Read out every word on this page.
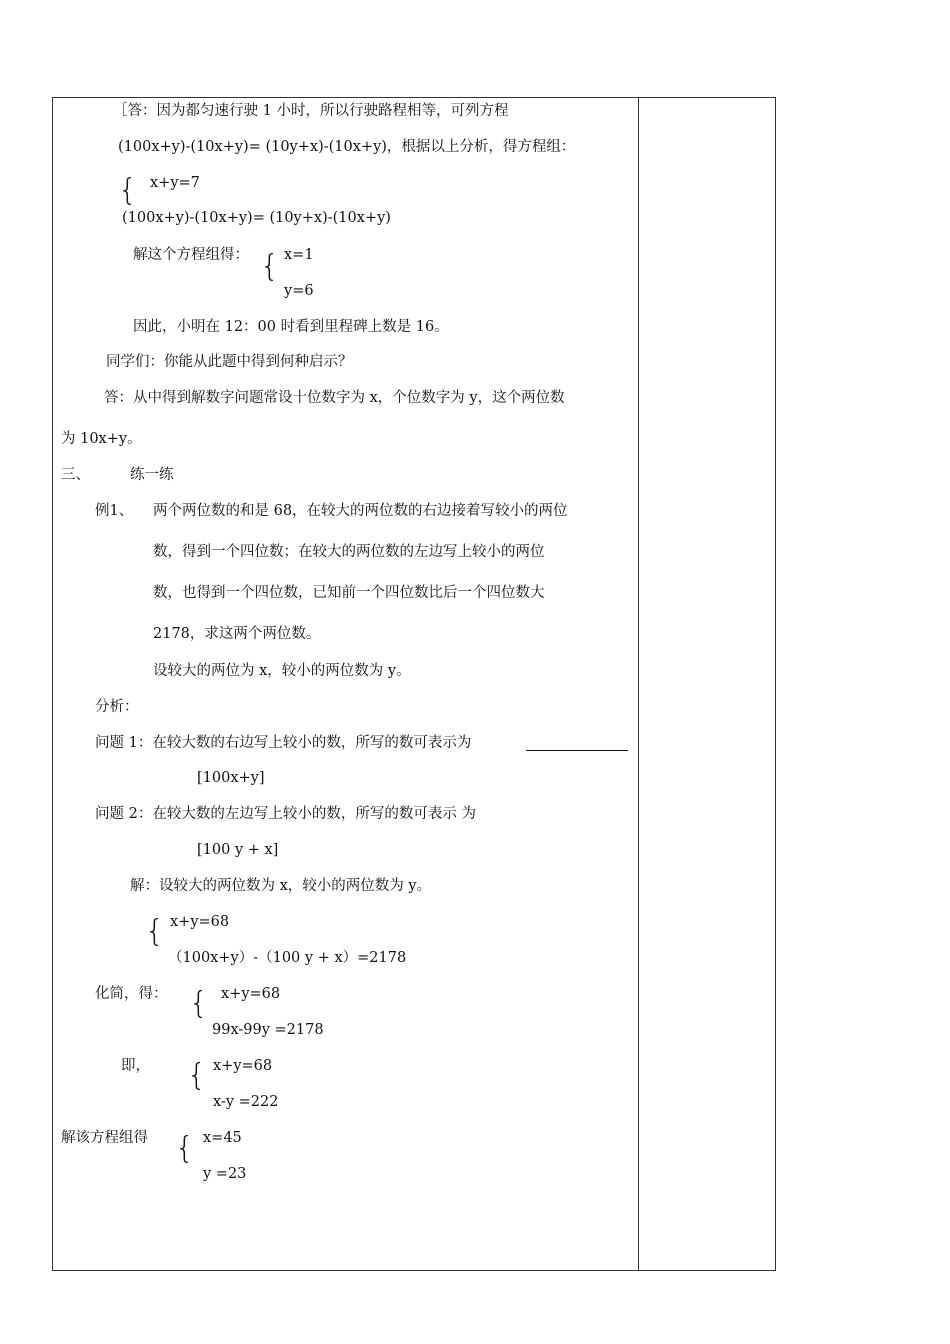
［答：因为都匀速行驶 1 小时，所以行驶路程相等，可列方程
(100x+y)-(10x+y)= (10y+x)-(10x+y)，根据以上分析，得方程组：
{ x+y=7
(100x+y)-(10x+y)= (10y+x)-(10x+y)
解这个方程组得： { x=1
y=6
因此，小明在 12：00 时看到里程碑上数是 16。
同学们：你能从此题中得到何种启示？
答：从中得到解数字问题常设十位数字为 x，个位数字为 y，这个两位数
为 10x+y。
三、	练一练
例1、 两个两位数的和是 68，在较大的两位数的右边接着写较小的两位
数，得到一个四位数；在较大的两位数的左边写上较小的两位
数，也得到一个四位数，已知前一个四位数比后一个四位数大
2178，求这两个两位数。
设较大的两位为 x，较小的两位数为 y。
分析：
问题 1：在较大数的右边写上较小的数，所写的数可表示为
[100x+y]
问题 2：在较大数的左边写上较小的数，所写的数可表示 为
[100 y + x]
解：设较大的两位数为 x，较小的两位数为 y。
{ x+y=68
（100x+y）-（100 y + x）=2178
化简，得： { x+y=68
99x-99y =2178
即， { x+y=68
x-y =222
解该方程组得 { x=45
y =23
